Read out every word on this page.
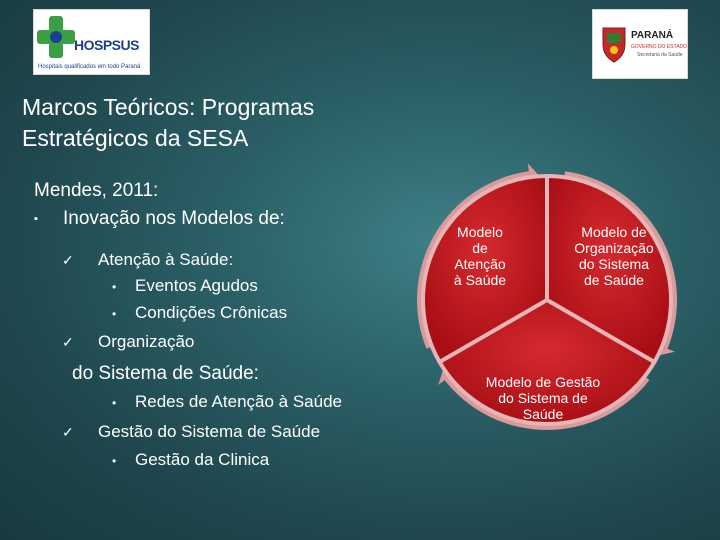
HOSPSUS
Hospitais qualificados em todo Paraná
PARANÁ
GOVERNO DO ESTADO
Secretaria da Saúde
Marcos Teóricos: Programas
Estratégicos da SESA
Mendes, 2011:
▪ Inovação nos Modelos de:
✓ Atenção à Saúde:
• Eventos Agudos
• Condições Crônicas
✓ Organização
do Sistema de Saúde:
• Redes de Atenção à Saúde
✓ Gestão do Sistema de Saúde
• Gestão da Clinica
Modelo
de
Atenção
à Saúde
Modelo de
Organização
do Sistema
de Saúde
Modelo de Gestão
do Sistema de
Saúde
